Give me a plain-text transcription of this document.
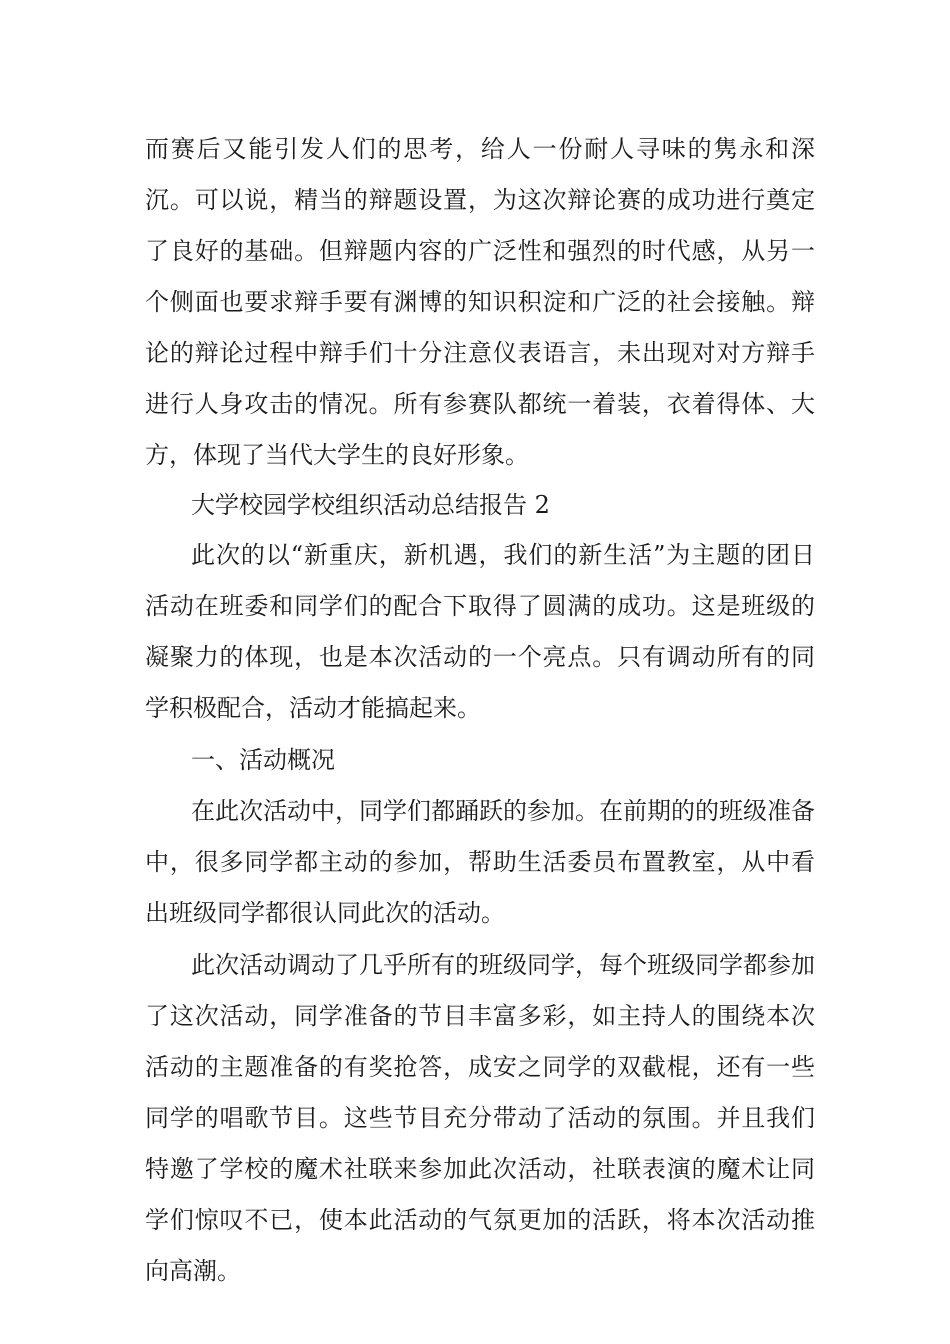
而赛后又能引发人们的思考，给人一份耐人寻味的隽永和深沉。可以说，精当的辩题设置，为这次辩论赛的成功进行奠定了良好的基础。但辩题内容的广泛性和强烈的时代感，从另一个侧面也要求辩手要有渊博的知识积淀和广泛的社会接触。辩论的辩论过程中辩手们十分注意仪表语言，未出现对对方辩手进行人身攻击的情况。所有参赛队都统一着装，衣着得体、大方，体现了当代大学生的良好形象。

大学校园学校组织活动总结报告 2

此次的以“新重庆，新机遇，我们的新生活”为主题的团日活动在班委和同学们的配合下取得了圆满的成功。这是班级的凝聚力的体现，也是本次活动的一个亮点。只有调动所有的同学积极配合，活动才能搞起来。

一、活动概况

在此次活动中，同学们都踊跃的参加。在前期的的班级准备中，很多同学都主动的参加，帮助生活委员布置教室，从中看出班级同学都很认同此次的活动。

此次活动调动了几乎所有的班级同学，每个班级同学都参加了这次活动，同学准备的节目丰富多彩，如主持人的围绕本次活动的主题准备的有奖抢答，成安之同学的双截棍，还有一些同学的唱歌节目。这些节目充分带动了活动的氛围。并且我们特邀了学校的魔术社联来参加此次活动，社联表演的魔术让同学们惊叹不已，使本此活动的气氛更加的活跃，将本次活动推向高潮。
